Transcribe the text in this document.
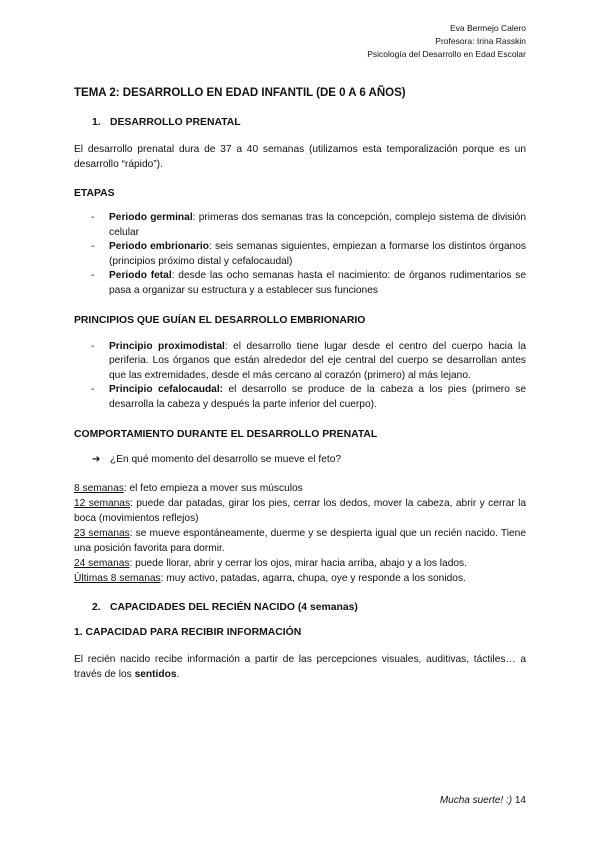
Eva Bermejo Calero
Profesora: Irina Rasskin
Psicología del Desarrollo en Edad Escolar
TEMA 2: DESARROLLO EN EDAD INFANTIL (DE 0 A 6 AÑOS)
1. DESARROLLO PRENATAL

El desarrollo prenatal dura de 37 a 40 semanas (utilizamos esta temporalización porque es un desarrollo “rápido”).

ETAPAS
- Periodo germinal: primeras dos semanas tras la concepción, complejo sistema de división celular
- Periodo embrionario: seis semanas siguientes, empiezan a formarse los distintos órganos (principios próximo distal y cefalocaudal)
- Periodo fetal: desde las ocho semanas hasta el nacimiento: de órganos rudimentarios se pasa a organizar su estructura y a establecer sus funciones
PRINCIPIOS QUE GUÍAN EL DESARROLLO EMBRIONARIO
- Principio proximodistal: el desarrollo tiene lugar desde el centro del cuerpo hacia la periferia. Los órganos que están alrededor del eje central del cuerpo se desarrollan antes que las extremidades, desde el más cercano al corazón (primero) al más lejano.
- Principio cefalocaudal: el desarrollo se produce de la cabeza a los pies (primero se desarrolla la cabeza y después la parte inferior del cuerpo).
COMPORTAMIENTO DURANTE EL DESARROLLO PRENATAL
➔ ¿En qué momento del desarrollo se mueve el feto?

8 semanas: el feto empieza a mover sus músculos

12 semanas: puede dar patadas, girar los pies, cerrar los dedos, mover la cabeza, abrir y cerrar la boca (movimientos reflejos)

23 semanas: se mueve espontáneamente, duerme y se despierta igual que un recién nacido. Tiene una posición favorita para dormir.

24 semanas: puede llorar, abrir y cerrar los ojos, mirar hacia arriba, abajo y a los lados.

Últimas 8 semanas: muy activo, patadas, agarra, chupa, oye y responde a los sonidos.

2. CAPACIDADES DEL RECIÉN NACIDO (4 semanas)
1. CAPACIDAD PARA RECIBIR INFORMACIÓN

El recién nacido recibe información a partir de las percepciones visuales, auditivas, táctiles… a través de los sentidos.

Mucha suerte! :) 14
